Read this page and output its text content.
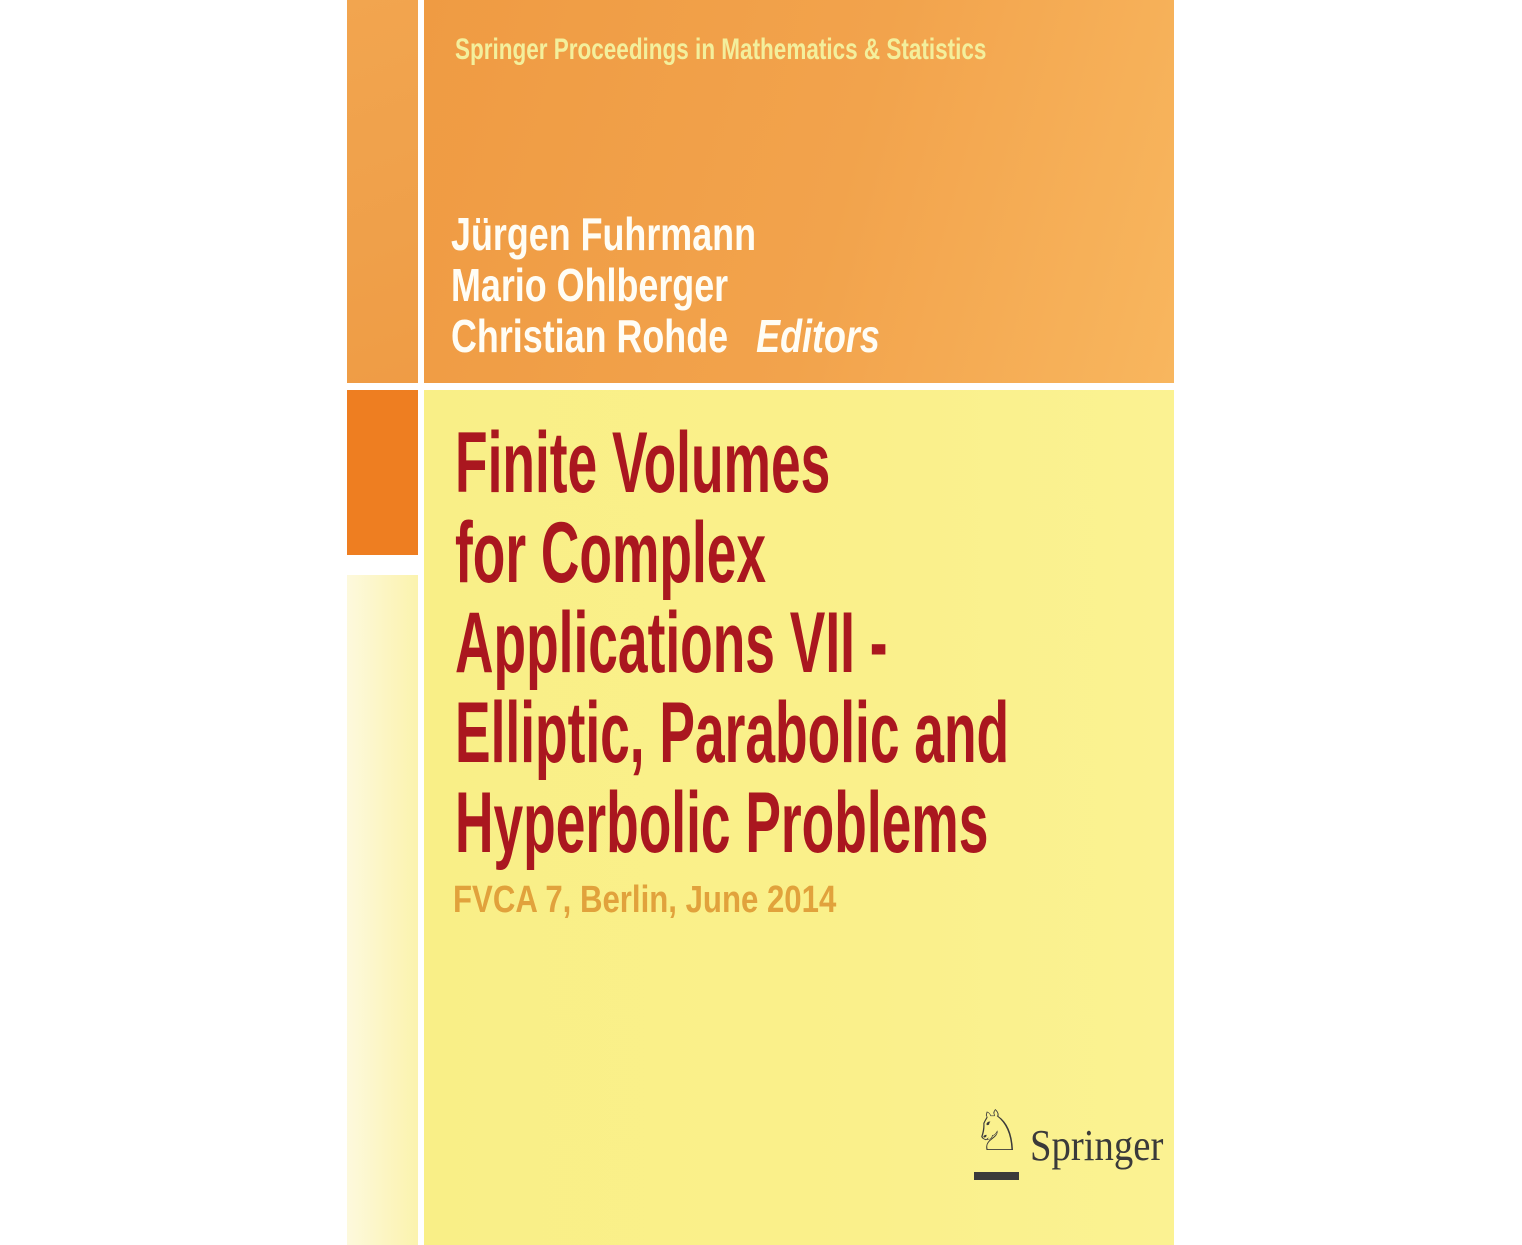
Springer Proceedings in Mathematics & Statistics
Jürgen Fuhrmann
Mario Ohlberger
Christian Rohde Editors
Finite Volumes
for Complex
Applications VII -
Elliptic, Parabolic and
Hyperbolic Problems
FVCA 7, Berlin, June 2014
♘ Springer
